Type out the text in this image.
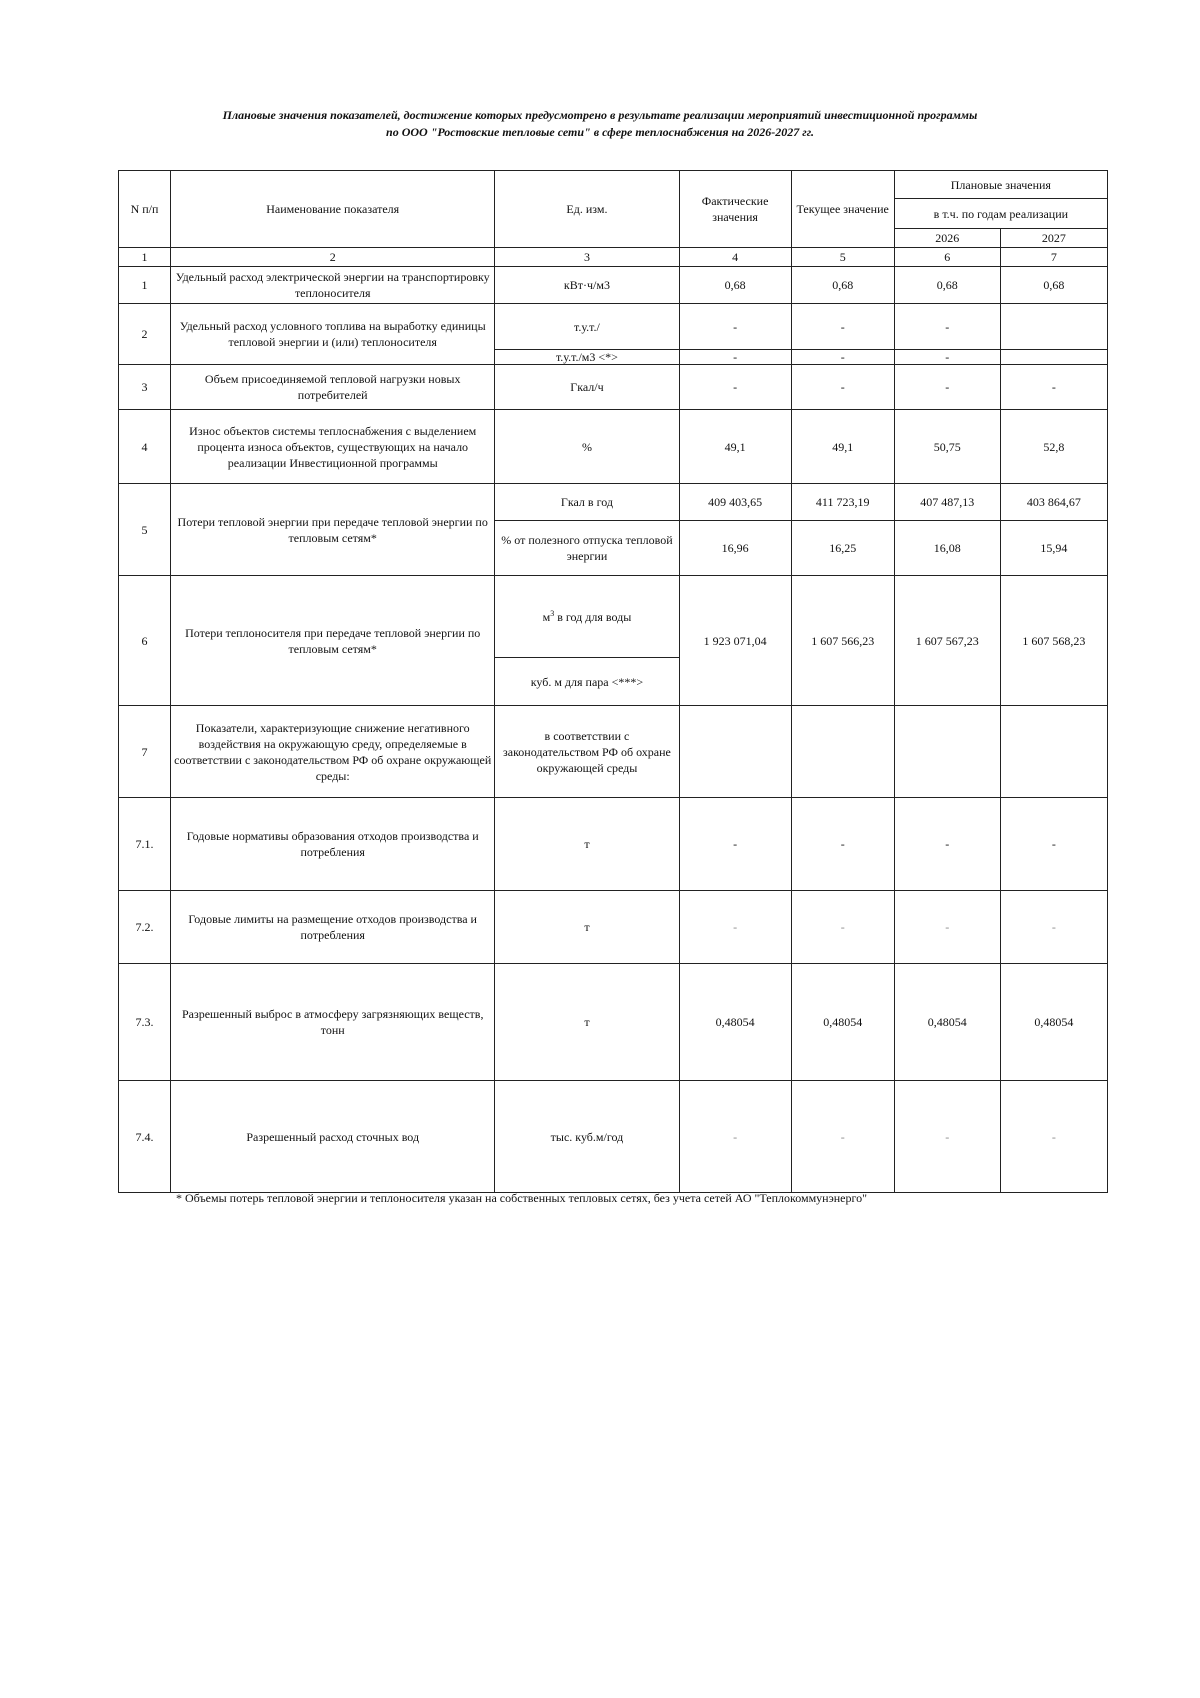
Плановые значения показателей, достижение которых предусмотрено в результате реализации мероприятий инвестиционной программы
по ООО "Ростовские тепловые сети" в сфере теплоснабжения на 2026-2027 гг.
N п/п	Наименование показателя	Ед. изм.	Фактические значения	Текущее значение	Плановые значения	
					в т.ч. по годам реализации	
					2026	2027
1	2	3	4	5	6	7
1	Удельный расход электрической энергии на транспортировку теплоносителя	кВт·ч/м3	0,68	0,68	0,68	0,68
2	Удельный расход условного топлива на выработку единицы тепловой энергии и (или) теплоносителя	т.у.т./	-	-	-	
		т.у.т./м3 <*>	-	-	-	
3	Объем присоединяемой тепловой нагрузки новых потребителей	Гкал/ч	-	-	-	-
4	Износ объектов системы теплоснабжения с выделением процента износа объектов, существующих на начало реализации Инвестиционной программы	%	49,1	49,1	50,75	52,8
5	Потери тепловой энергии при передаче тепловой энергии по тепловым сетям*	Гкал в год	409 403,65	411 723,19	407 487,13	403 864,67
		% от полезного отпуска тепловой энергии	16,96	16,25	16,08	15,94
6	Потери теплоносителя при передаче тепловой энергии по тепловым сетям*	$м^3$ в год для воды	1 923 071,04	1 607 566,23	1 607 567,23	1 607 568,23
		куб. м для пара <***>				
7	Показатели, характеризующие снижение негативного воздействия на окружающую среду, определяемые в соответствии с законодательством РФ об охране окружающей среды:	в соответствии с законодательством РФ об охране окружающей среды				
7.1.	Годовые нормативы образования отходов производства и потребления	т	-	-	-	-
7.2.	Годовые лимиты на размещение отходов производства и потребления	т	-	-	-	-
7.3.	Разрешенный выброс в атмосферу загрязняющих веществ, тонн	т	0,48054	0,48054	0,48054	0,48054
7.4.	Разрешенный расход сточных вод	тыс. куб.м/год	-	-	-	-
* Объемы потерь тепловой энергии и теплоносителя указан на собственных тепловых сетях, без учета сетей АО "Теплокоммунэнерго"
